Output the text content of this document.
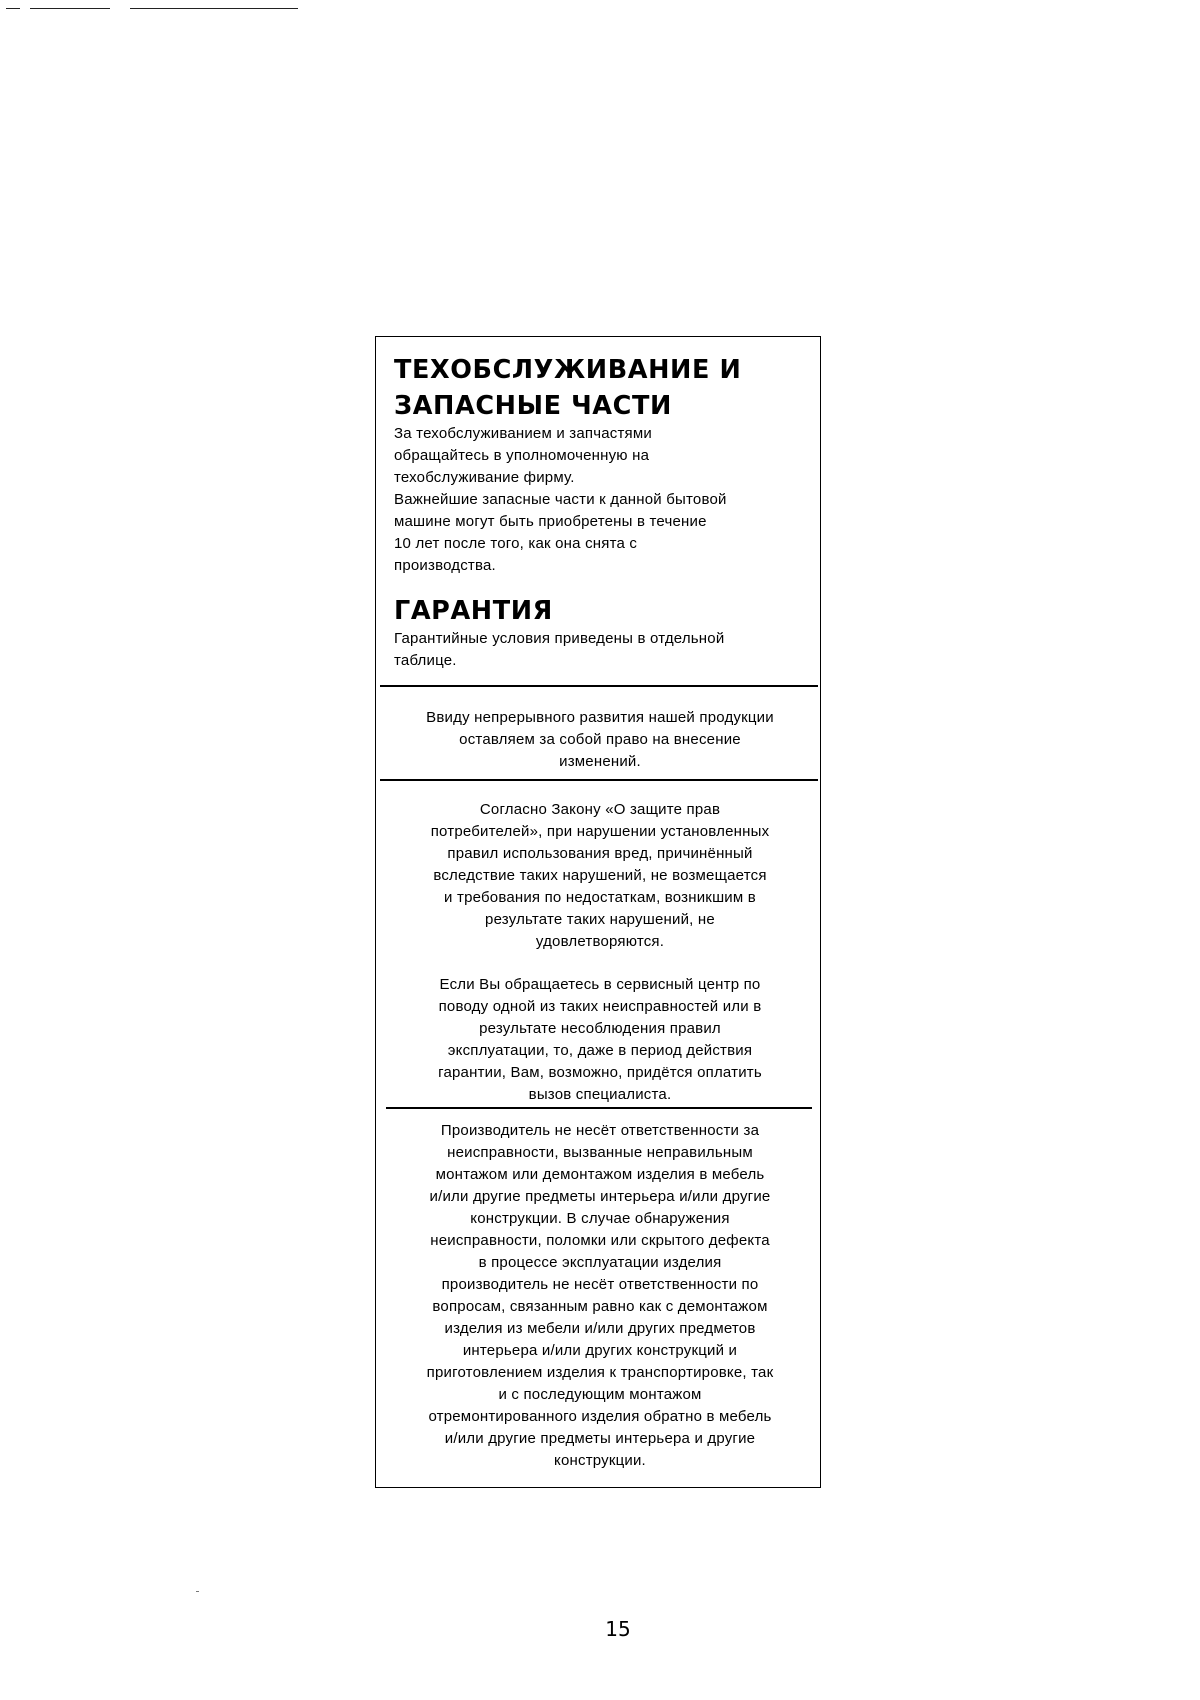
ТЕХОБСЛУЖИВАНИЕ И
ЗАПАСНЫЕ ЧАСТИ

За техобслуживанием и запчастями
обращайтесь в уполномоченную на
техобслуживание фирму.
Важнейшие запасные части к данной бытовой
машине могут быть приобретены в течение
10 лет после того, как она снята с
производства.

ГАРАНТИЯ

Гарантийные условия приведены в отдельной
таблице.

Ввиду непрерывного развития нашей продукции
оставляем за собой право на внесение
изменений.

Согласно Закону «О защите прав
потребителей», при нарушении установленных
правил использования вред, причинённый
вследствие таких нарушений, не возмещается
и требования по недостаткам, возникшим в
результате таких нарушений, не
удовлетворяются.

Если Вы обращаетесь в сервисный центр по
поводу одной из таких неисправностей или в
результате несоблюдения правил
эксплуатации, то, даже в период действия
гарантии, Вам, возможно, придётся оплатить
вызов специалиста.

Производитель не несёт ответственности за
неисправности, вызванные неправильным
монтажом или демонтажом изделия в мебель
и/или другие предметы интерьера и/или другие
конструкции. В случае обнаружения
неисправности, поломки или скрытого дефекта
в процессе эксплуатации изделия
производитель не несёт ответственности по
вопросам, связанным равно как с демонтажом
изделия из мебели и/или других предметов
интерьера и/или других конструкций и
приготовлением изделия к транспортировке, так
и с последующим монтажом
отремонтированного изделия обратно в мебель
и/или другие предметы интерьера и другие
конструкции.

15
